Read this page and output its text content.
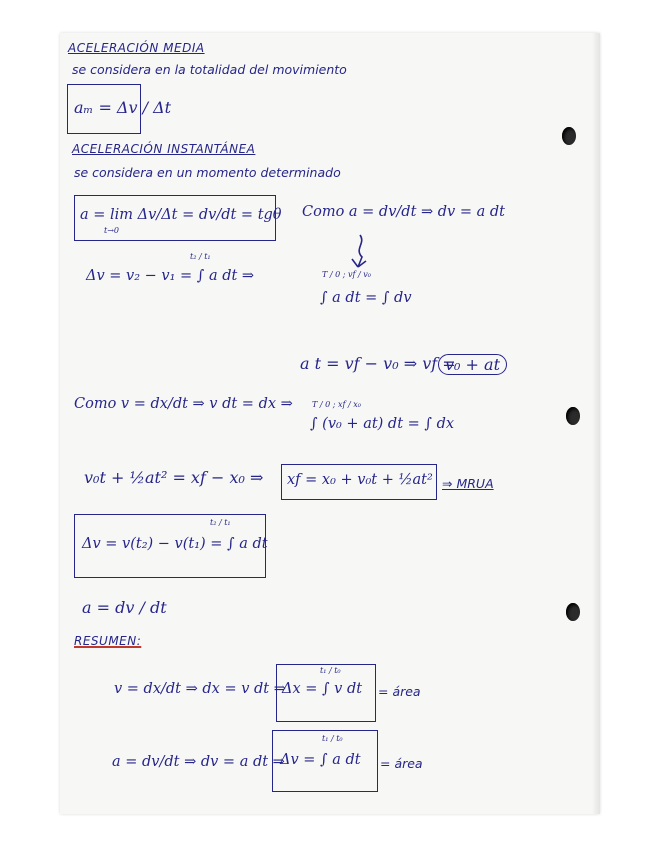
ACELERACIÓN MEDIA
se considera en la totalidad del movimiento
aₘ = Δv / Δt
ACELERACIÓN INSTANTÁNEA
se considera en un momento determinado
a = lim Δv/Δt = dv/dt = tgθ
t→0
Como a = dv/dt ⇒ dv = a dt
Δv = v₂ − v₁ = ∫ a dt ⇒
t₂ / t₁
∫ a dt = ∫ dv
T / 0 ; vf / v₀
a t = vf − v₀ ⇒ vf =
v₀ + at
Como v = dx/dt ⇒ v dt = dx ⇒
∫ (v₀ + at) dt = ∫ dx
T / 0 ; xf / x₀
v₀t + ½at² = xf − x₀ ⇒ xf = x₀ + v₀t + ½at² ⇒ MRUA
Δv = v(t₂) − v(t₁) = ∫ a dt
t₂ / t₁
a = dv / dt
RESUMEN:
v = dx/dt ⇒ dx = v dt ⇒
Δx = ∫ v dt
t₁ / t₀
= área
a = dv/dt ⇒ dv = a dt ⇒
Δv = ∫ a dt
t₁ / t₀
= área
